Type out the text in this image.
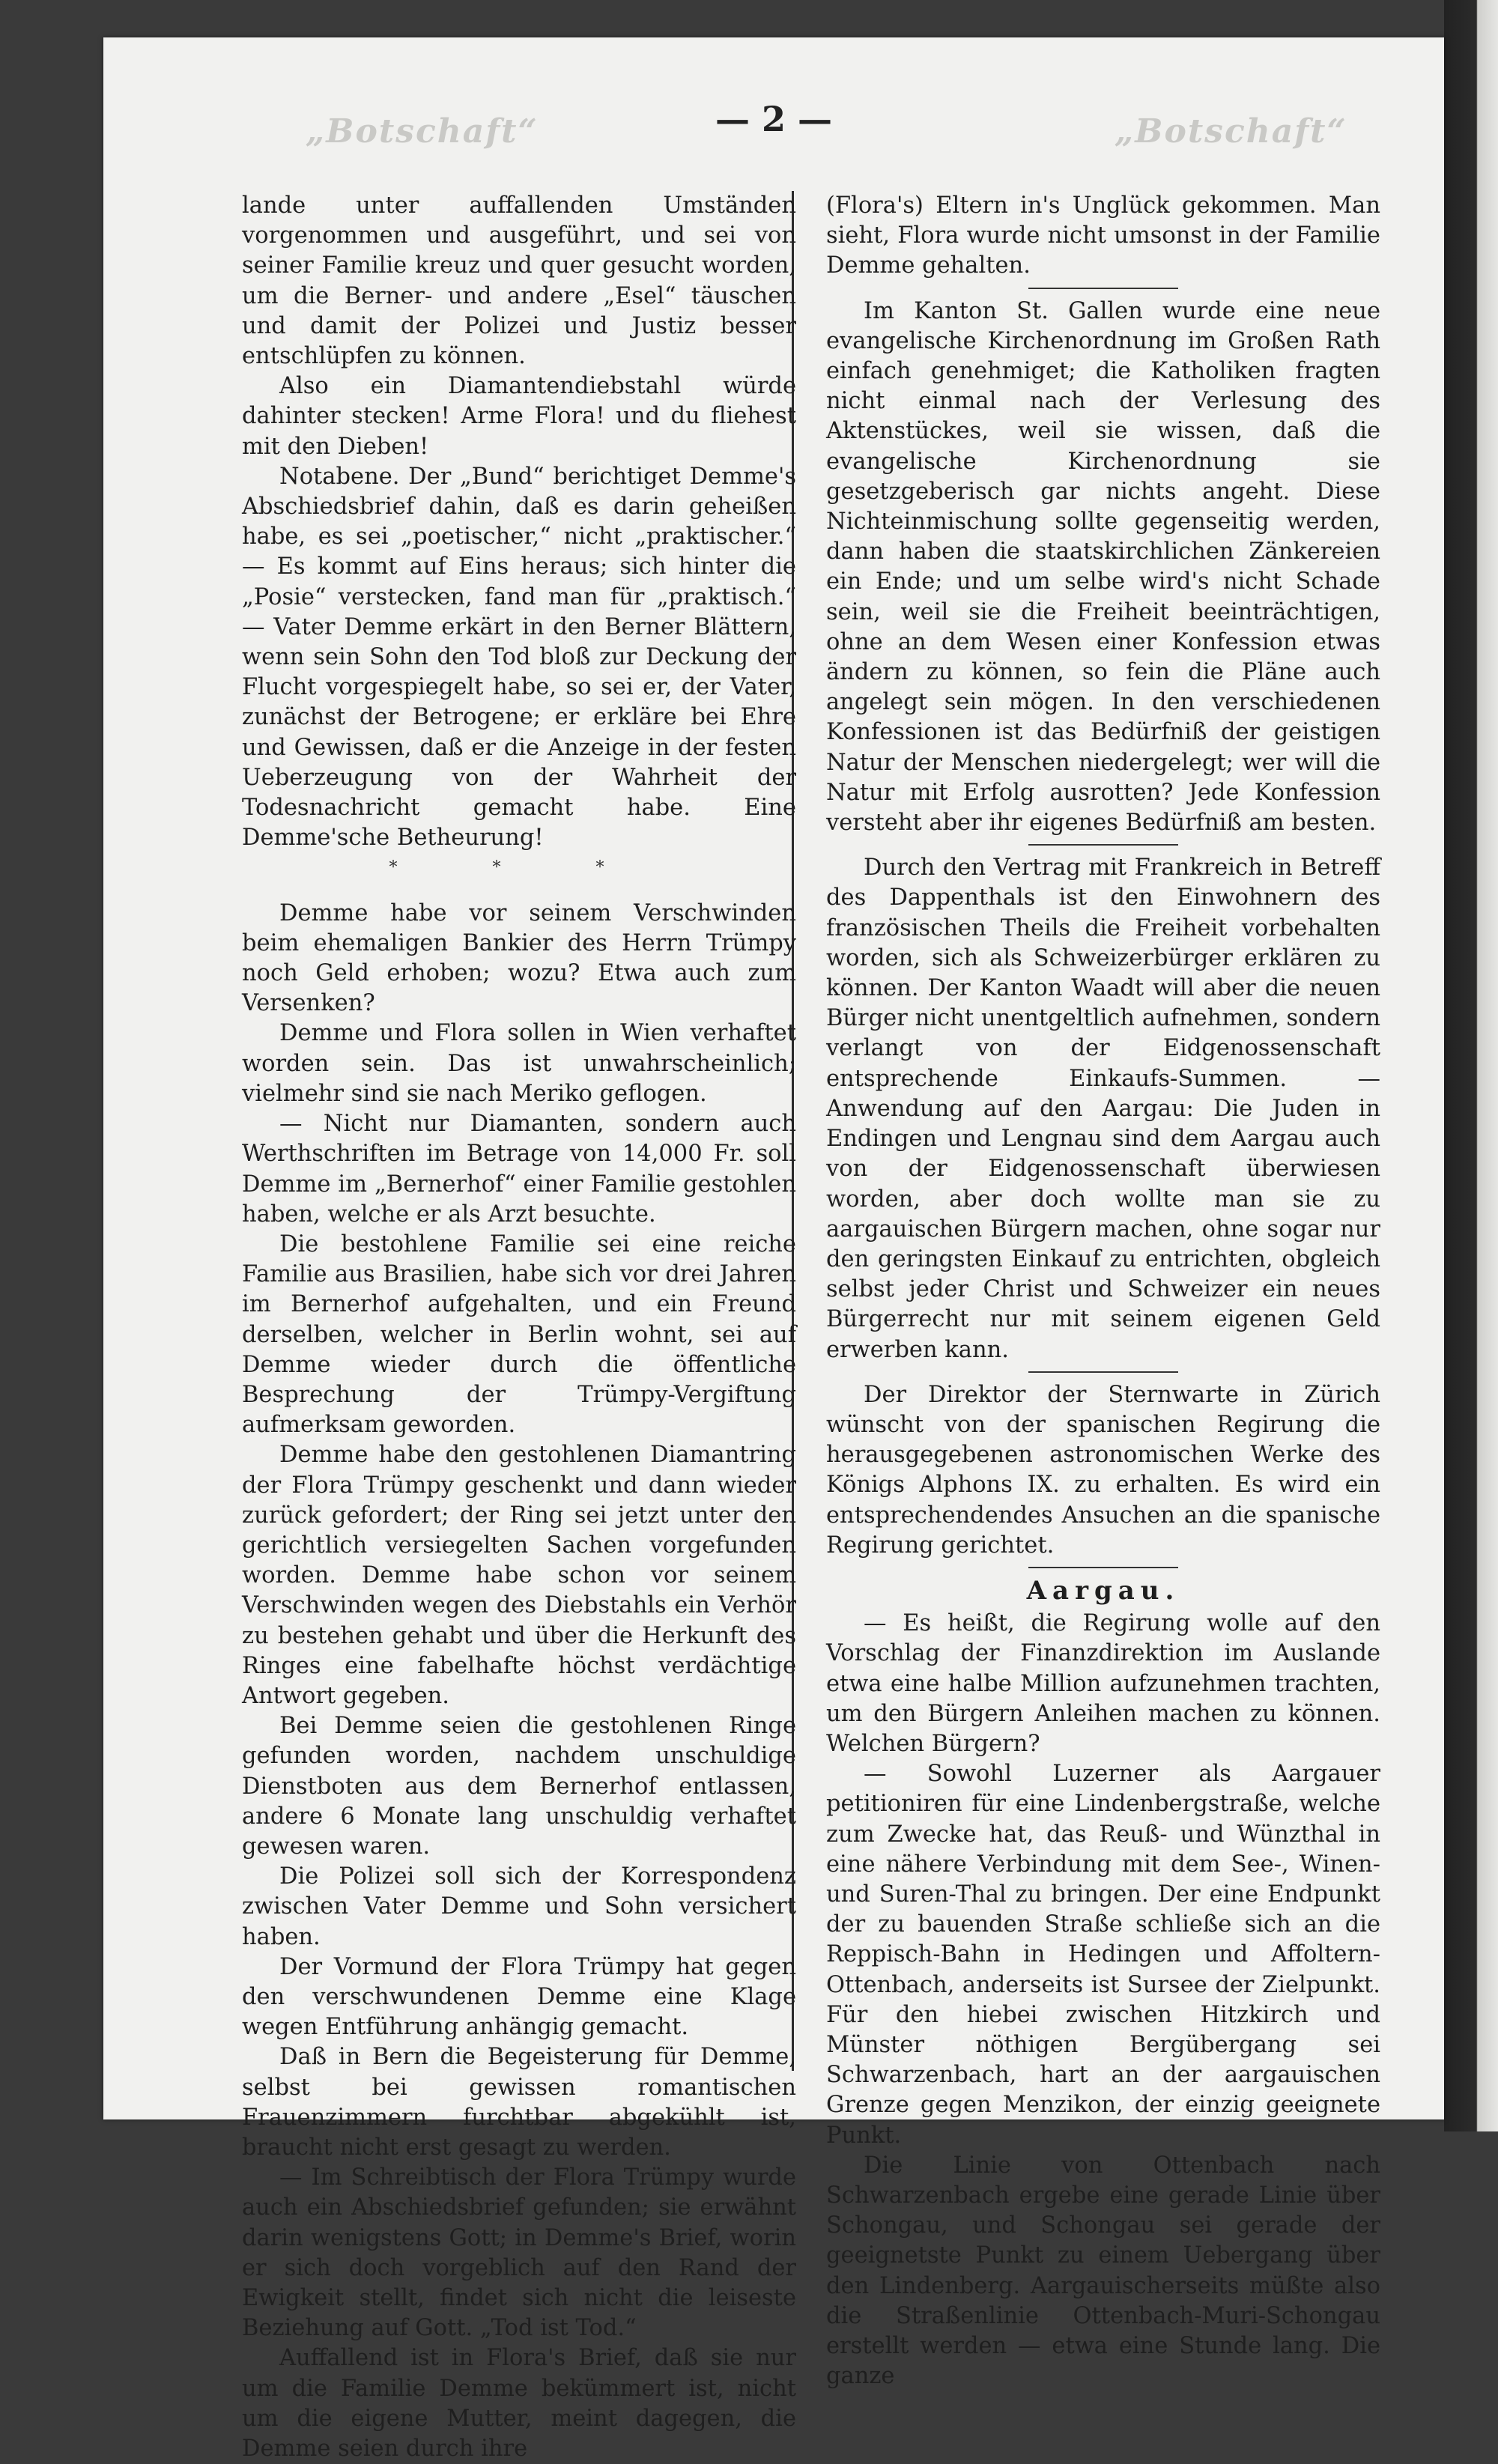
„Botschaft“	„Botschaft“
— 2 —

lande unter auffallenden Umständen vorgenommen und ausgeführt, und sei von seiner Familie kreuz und quer gesucht worden, um die Berner- und andere „Esel“ täuschen und damit der Polizei und Justiz besser entschlüpfen zu können.

Also ein Diamantendiebstahl würde dahinter stecken! Arme Flora! und du fliehest mit den Dieben!

Notabene. Der „Bund“ berichtiget Demme's Abschiedsbrief dahin, daß es darin geheißen habe, es sei „poetischer,“ nicht „praktischer.“ — Es kommt auf Eins heraus; sich hinter die „Posie“ verstecken, fand man für „praktisch.“ — Vater Demme erkärt in den Berner Blättern, wenn sein Sohn den Tod bloß zur Deckung der Flucht vorgespiegelt habe, so sei er, der Vater, zunächst der Betrogene; er erkläre bei Ehre und Gewissen, daß er die Anzeige in der festen Ueberzeugung von der Wahrheit der Todesnachricht gemacht habe. Eine Demme'sche Betheurung!

* * *

Demme habe vor seinem Verschwinden beim ehemaligen Bankier des Herrn Trümpy noch Geld erhoben; wozu? Etwa auch zum Versenken?

Demme und Flora sollen in Wien verhaftet worden sein. Das ist unwahrscheinlich; vielmehr sind sie nach Meriko geflogen.

— Nicht nur Diamanten, sondern auch Werthschriften im Betrage von 14,000 Fr. soll Demme im „Bernerhof“ einer Familie gestohlen haben, welche er als Arzt besuchte.

Die bestohlene Familie sei eine reiche Familie aus Brasilien, habe sich vor drei Jahren im Bernerhof aufgehalten, und ein Freund derselben, welcher in Berlin wohnt, sei auf Demme wieder durch die öffentliche Besprechung der Trümpy-Vergiftung aufmerksam geworden.

Demme habe den gestohlenen Diamantring der Flora Trümpy geschenkt und dann wieder zurück gefordert; der Ring sei jetzt unter den gerichtlich versiegelten Sachen vorgefunden worden. Demme habe schon vor seinem Verschwinden wegen des Diebstahls ein Verhör zu bestehen gehabt und über die Herkunft des Ringes eine fabelhafte höchst verdächtige Antwort gegeben.

Bei Demme seien die gestohlenen Ringe gefunden worden, nachdem unschuldige Dienstboten aus dem Bernerhof entlassen, andere 6 Monate lang unschuldig verhaftet gewesen waren.

Die Polizei soll sich der Korrespondenz zwischen Vater Demme und Sohn versichert haben.

Der Vormund der Flora Trümpy hat gegen den verschwundenen Demme eine Klage wegen Entführung anhängig gemacht.

Daß in Bern die Begeisterung für Demme, selbst bei gewissen romantischen Frauenzimmern furchtbar abgekühlt ist, braucht nicht erst gesagt zu werden.

— Im Schreibtisch der Flora Trümpy wurde auch ein Abschiedsbrief gefunden; sie erwähnt darin wenigstens Gott; in Demme's Brief, worin er sich doch vorgeblich auf den Rand der Ewigkeit stellt, findet sich nicht die leiseste Beziehung auf Gott. „Tod ist Tod.“

Auffallend ist in Flora's Brief, daß sie nur um die Familie Demme bekümmert ist, nicht um die eigene Mutter, meint dagegen, die Demme seien durch ihre

(Flora's) Eltern in's Unglück gekommen. Man sieht, Flora wurde nicht umsonst in der Familie Demme gehalten.

Im Kanton St. Gallen wurde eine neue evangelische Kirchenordnung im Großen Rath einfach genehmiget; die Katholiken fragten nicht einmal nach der Verlesung des Aktenstückes, weil sie wissen, daß die evangelische Kirchenordnung sie gesetzgeberisch gar nichts angeht. Diese Nichteinmischung sollte gegenseitig werden, dann haben die staatskirchlichen Zänkereien ein Ende; und um selbe wird's nicht Schade sein, weil sie die Freiheit beeinträchtigen, ohne an dem Wesen einer Konfession etwas ändern zu können, so fein die Pläne auch angelegt sein mögen. In den verschiedenen Konfessionen ist das Bedürfniß der geistigen Natur der Menschen niedergelegt; wer will die Natur mit Erfolg ausrotten? Jede Konfession versteht aber ihr eigenes Bedürfniß am besten.

Durch den Vertrag mit Frankreich in Betreff des Dappenthals ist den Einwohnern des französischen Theils die Freiheit vorbehalten worden, sich als Schweizerbürger erklären zu können. Der Kanton Waadt will aber die neuen Bürger nicht unentgeltlich aufnehmen, sondern verlangt von der Eidgenossenschaft entsprechende Einkaufs-Summen. — Anwendung auf den Aargau: Die Juden in Endingen und Lengnau sind dem Aargau auch von der Eidgenossenschaft überwiesen worden, aber doch wollte man sie zu aargauischen Bürgern machen, ohne sogar nur den geringsten Einkauf zu entrichten, obgleich selbst jeder Christ und Schweizer ein neues Bürgerrecht nur mit seinem eigenen Geld erwerben kann.

Der Direktor der Sternwarte in Zürich wünscht von der spanischen Regirung die herausgegebenen astronomischen Werke des Königs Alphons IX. zu erhalten. Es wird ein entsprechendendes Ansuchen an die spanische Regirung gerichtet.

Aargau.

— Es heißt, die Regirung wolle auf den Vorschlag der Finanzdirektion im Auslande etwa eine halbe Million aufzunehmen trachten, um den Bürgern Anleihen machen zu können. Welchen Bürgern?

— Sowohl Luzerner als Aargauer petitioniren für eine Lindenbergstraße, welche zum Zwecke hat, das Reuß- und Wünzthal in eine nähere Verbindung mit dem See-, Winen- und Suren-Thal zu bringen. Der eine Endpunkt der zu bauenden Straße schließe sich an die Reppisch-Bahn in Hedingen und Affoltern-Ottenbach, anderseits ist Sursee der Zielpunkt. Für den hiebei zwischen Hitzkirch und Münster nöthigen Bergübergang sei Schwarzenbach, hart an der aargauischen Grenze gegen Menzikon, der einzig geeignete Punkt.

Die Linie von Ottenbach nach Schwarzenbach ergebe eine gerade Linie über Schongau, und Schongau sei gerade der geeignetste Punkt zu einem Uebergang über den Lindenberg. Aargauischerseits müßte also die Straßenlinie Ottenbach-Muri-Schongau erstellt werden — etwa eine Stunde lang. Die ganze
